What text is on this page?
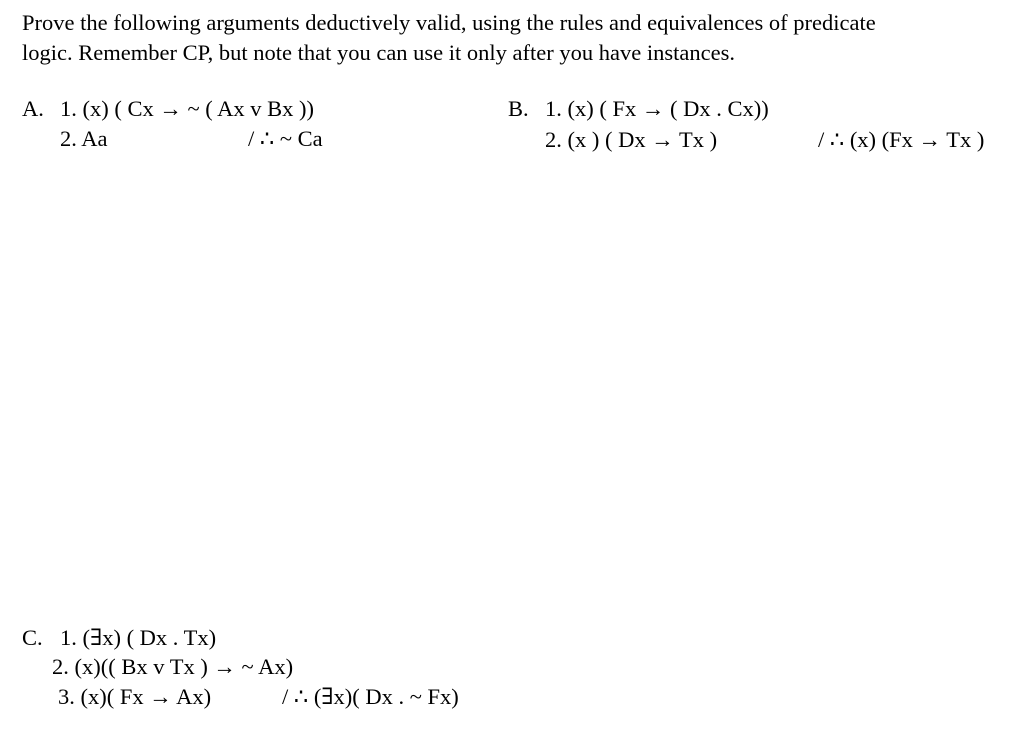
Prove the following arguments deductively valid, using the rules and equivalences of predicate
logic. Remember CP, but note that you can use it only after you have instances.
A. 1. (x) ( Cx → ~ ( Ax v Bx ))
2. Aa	/ ∴ ~ Ca
B. 1. (x) ( Fx → ( Dx . Cx))
2. (x ) ( Dx → Tx )	/ ∴ (x) (Fx → Tx )
C. 1. (∃x) ( Dx . Tx)
2. (x)(( Bx v Tx ) → ~ Ax)
3. (x)( Fx → Ax)	/ ∴ (∃x)( Dx . ~ Fx)
